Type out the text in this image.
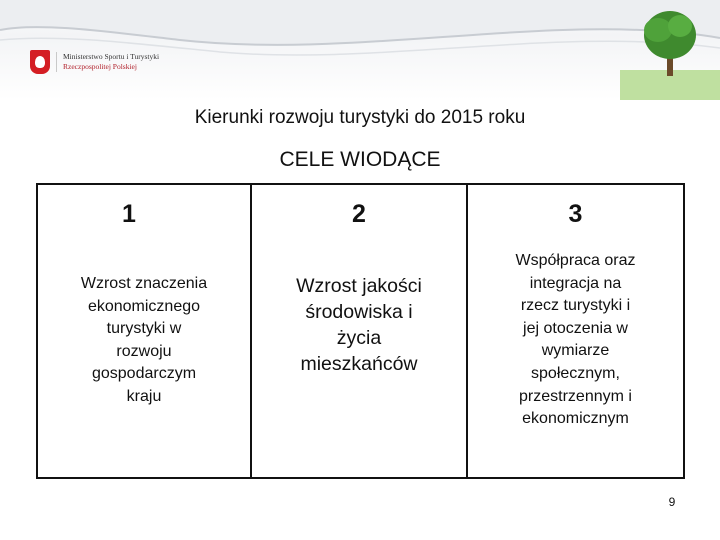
Ministerstwo Sportu i Turystyki
Rzeczpospolitej Polskiej
Kierunki rozwoju turystyki do 2015 roku
CELE WIODĄCE
1
Wzrost znaczenia
ekonomicznego
turystyki w
rozwoju
gospodarczym
kraju
2
Wzrost jakości
środowiska i
życia
mieszkańców
3
Współpraca oraz
integracja na
rzecz turystyki i
jej otoczenia w
wymiarze
społecznym,
przestrzennym i
ekonomicznym
9
